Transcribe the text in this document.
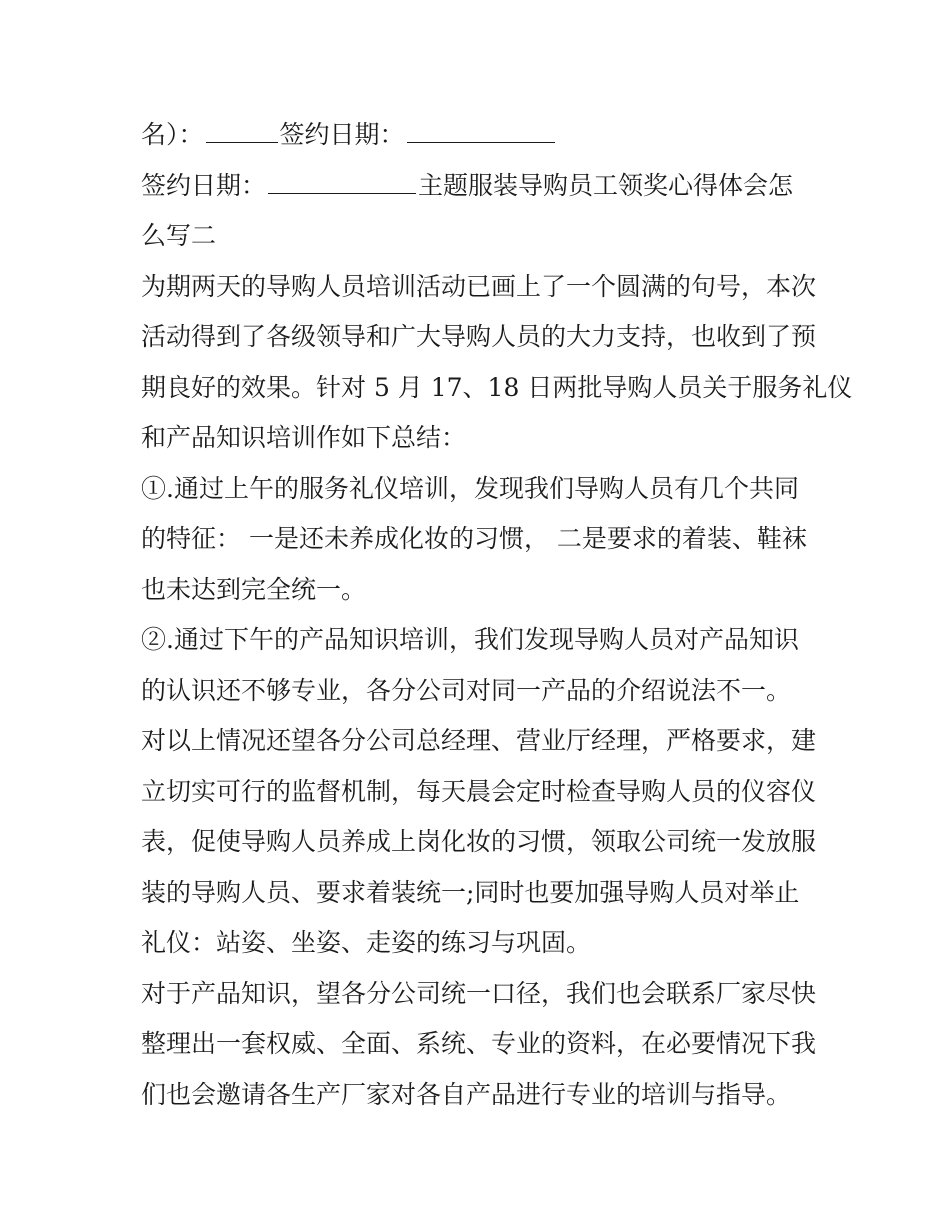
名）：	签约日期：
签约日期：	主题服装导购员工领奖心得体会怎
么写二
为期两天的导购人员培训活动已画上了一个圆满的句号，本次
活动得到了各级领导和广大导购人员的大力支持，也收到了预
期良好的效果。针对 5 月 17、18 日两批导购人员关于服务礼仪
和产品知识培训作如下总结：
①.通过上午的服务礼仪培训，发现我们导购人员有几个共同
的特征： 一是还未养成化妆的习惯， 二是要求的着装、鞋袜
也未达到完全统一。
②.通过下午的产品知识培训，我们发现导购人员对产品知识
的认识还不够专业，各分公司对同一产品的介绍说法不一。
对以上情况还望各分公司总经理、营业厅经理，严格要求，建
立切实可行的监督机制，每天晨会定时检查导购人员的仪容仪
表，促使导购人员养成上岗化妆的习惯，领取公司统一发放服
装的导购人员、要求着装统一;同时也要加强导购人员对举止
礼仪：站姿、坐姿、走姿的练习与巩固。
对于产品知识，望各分公司统一口径，我们也会联系厂家尽快
整理出一套权威、全面、系统、专业的资料，在必要情况下我
们也会邀请各生产厂家对各自产品进行专业的培训与指导。
